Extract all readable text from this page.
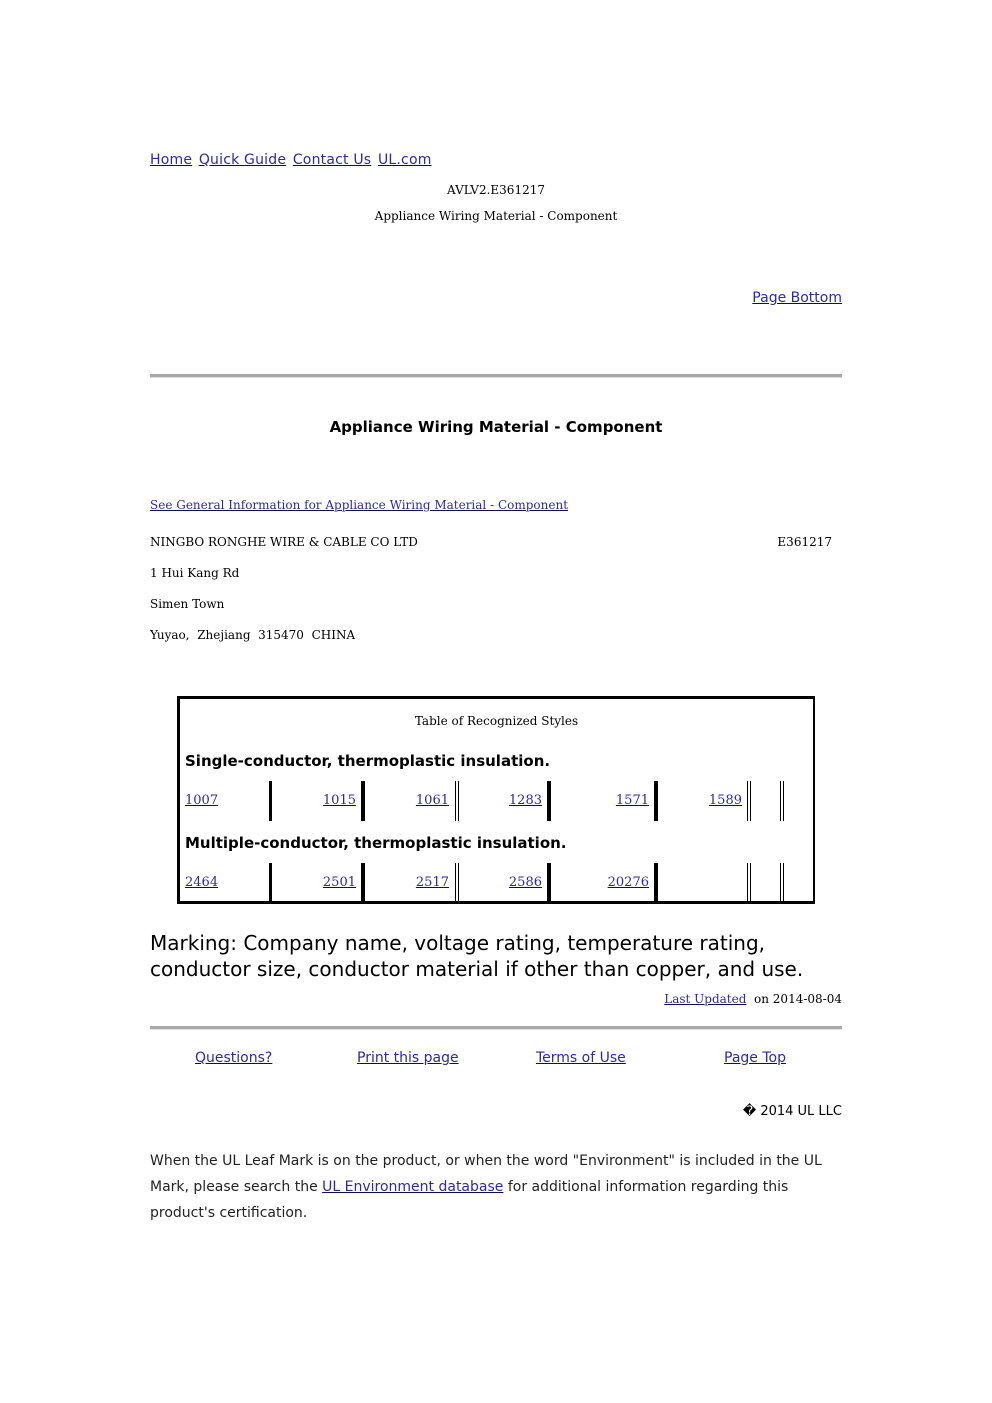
Home Quick Guide Contact Us UL.com
AVLV2.E361217
Appliance Wiring Material - Component
Page Bottom
Appliance Wiring Material - Component
See General Information for Appliance Wiring Material - Component
NINGBO RONGHE WIRE & CABLE CO LTD	E361217
1 Hui Kang Rd
Simen Town
Yuyao,  Zhejiang  315470  CHINA
Table of Recognized Styles
Single-conductor, thermoplastic insulation.
1007	1015	1061	1283	1571	1589
Multiple-conductor, thermoplastic insulation.
2464	2501	2517	2586	20276
Marking: Company name, voltage rating, temperature rating, conductor size, conductor material if other than copper, and use.
Last Updated on 2014-08-04
Questions?	Print this page	Terms of Use	Page Top
� 2014 UL LLC
When the UL Leaf Mark is on the product, or when the word "Environment" is included in the UL Mark, please search the UL Environment database for additional information regarding this product's certification.
